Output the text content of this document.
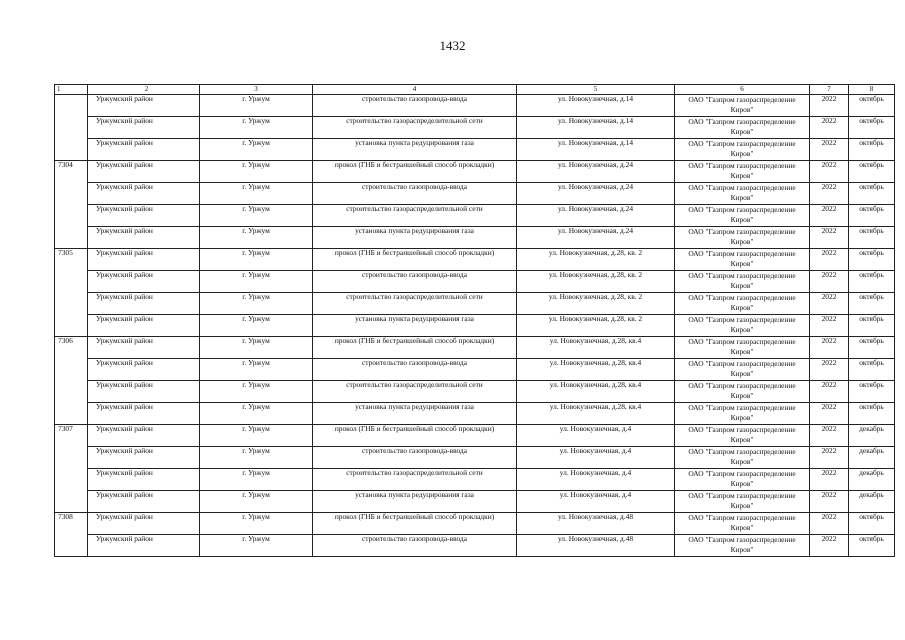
1432
1	2	3	4	5	6	7	8
	Уржумский район	г. Уржум	строительство газопровода-ввода	ул. Новокузнечная, д.14	ОАО "Газпром газораспределение Киров"	2022	октябрь
	Уржумский район	г. Уржум	строительство газораспределительной сети	ул. Новокузнечная, д.14	ОАО "Газпром газораспределение Киров"	2022	октябрь
	Уржумский район	г. Уржум	установка пункта редуцирования газа	ул. Новокузнечная, д.14	ОАО "Газпром газораспределение Киров"	2022	октябрь
7304	Уржумский район	г. Уржум	прокол (ГНБ и бестраншейный способ прокладки)	ул. Новокузнечная, д.24	ОАО "Газпром газораспределение Киров"	2022	октябрь
	Уржумский район	г. Уржум	строительство газопровода-ввода	ул. Новокузнечная, д.24	ОАО "Газпром газораспределение Киров"	2022	октябрь
	Уржумский район	г. Уржум	строительство газораспределительной сети	ул. Новокузнечная, д.24	ОАО "Газпром газораспределение Киров"	2022	октябрь
	Уржумский район	г. Уржум	установка пункта редуцирования газа	ул. Новокузнечная, д.24	ОАО "Газпром газораспределение Киров"	2022	октябрь
7305	Уржумский район	г. Уржум	прокол (ГНБ и бестраншейный способ прокладки)	ул. Новокузнечная, д.28, кв. 2	ОАО "Газпром газораспределение Киров"	2022	октябрь
	Уржумский район	г. Уржум	строительство газопровода-ввода	ул. Новокузнечная, д.28, кв. 2	ОАО "Газпром газораспределение Киров"	2022	октябрь
	Уржумский район	г. Уржум	строительство газораспределительной сети	ул. Новокузнечная, д.28, кв. 2	ОАО "Газпром газораспределение Киров"	2022	октябрь
	Уржумский район	г. Уржум	установка пункта редуцирования газа	ул. Новокузнечная, д.28, кв. 2	ОАО "Газпром газораспределение Киров"	2022	октябрь
7306	Уржумский район	г. Уржум	прокол (ГНБ и бестраншейный способ прокладки)	ул. Новокузнечная, д.28, кв.4	ОАО "Газпром газораспределение Киров"	2022	октябрь
	Уржумский район	г. Уржум	строительство газопровода-ввода	ул. Новокузнечная, д.28, кв.4	ОАО "Газпром газораспределение Киров"	2022	октябрь
	Уржумский район	г. Уржум	строительство газораспределительной сети	ул. Новокузнечная, д.28, кв.4	ОАО "Газпром газораспределение Киров"	2022	октябрь
	Уржумский район	г. Уржум	установка пункта редуцирования газа	ул. Новокузнечная, д.28, кв.4	ОАО "Газпром газораспределение Киров"	2022	октябрь
7307	Уржумский район	г. Уржум	прокол (ГНБ и бестраншейный способ прокладки)	ул. Новокузнечная, д.4	ОАО "Газпром газораспределение Киров"	2022	декабрь
	Уржумский район	г. Уржум	строительство газопровода-ввода	ул. Новокузнечная, д.4	ОАО "Газпром газораспределение Киров"	2022	декабрь
	Уржумский район	г. Уржум	строительство газораспределительной сети	ул. Новокузнечная, д.4	ОАО "Газпром газораспределение Киров"	2022	декабрь
	Уржумский район	г. Уржум	установка пункта редуцирования газа	ул. Новокузнечная, д.4	ОАО "Газпром газораспределение Киров"	2022	декабрь
7308	Уржумский район	г. Уржум	прокол (ГНБ и бестраншейный способ прокладки)	ул. Новокузнечная, д.48	ОАО "Газпром газораспределение Киров"	2022	октябрь
	Уржумский район	г. Уржум	строительство газопровода-ввода	ул. Новокузнечная, д.48	ОАО "Газпром газораспределение Киров"	2022	октябрь
